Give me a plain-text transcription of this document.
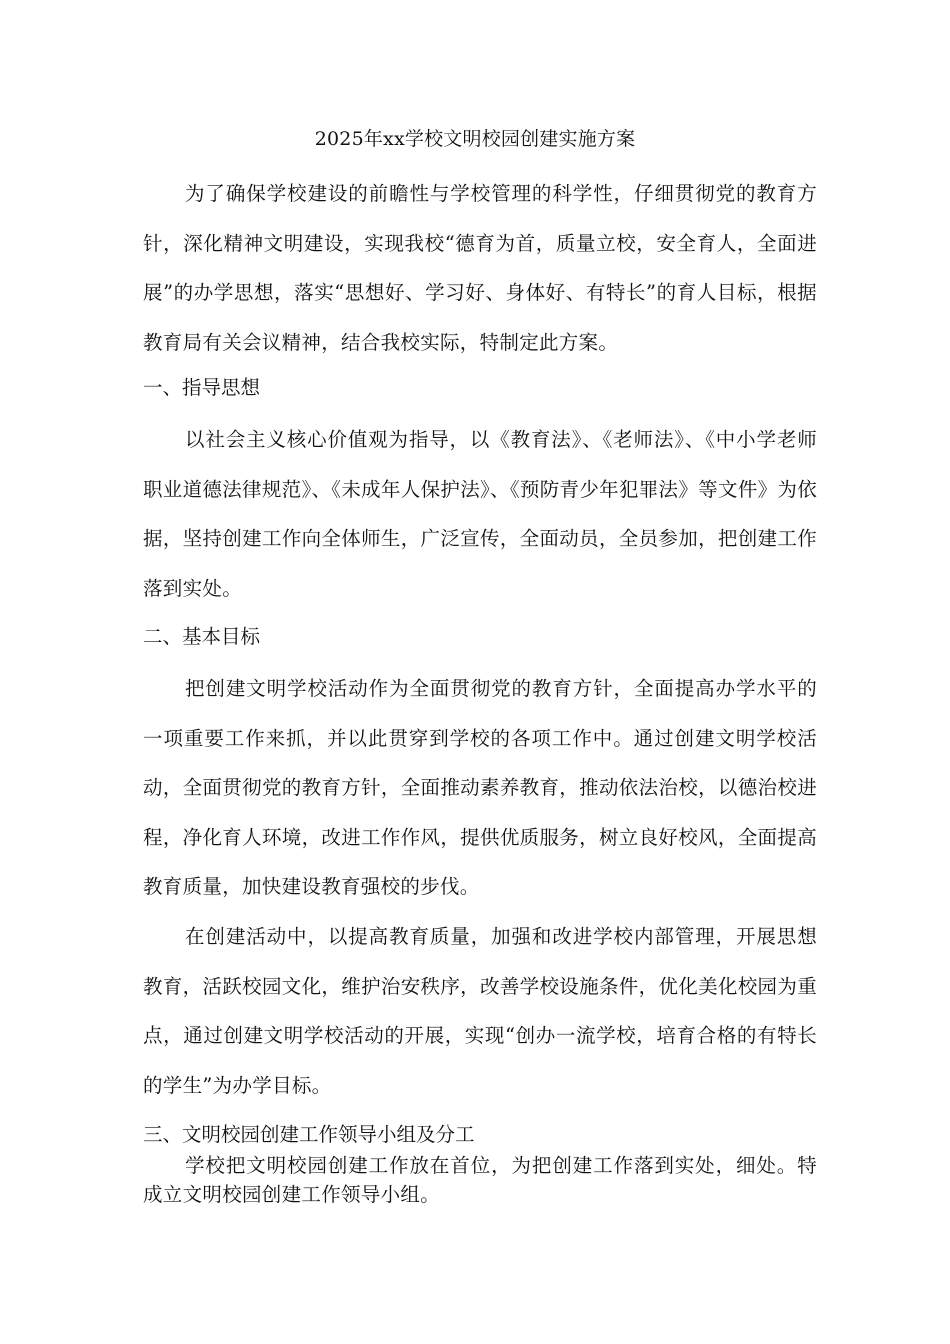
2025年xx学校文明校园创建实施方案

为了确保学校建设的前瞻性与学校管理的科学性，仔细贯彻党的教育方针，深化精神文明建设，实现我校“德育为首，质量立校，安全育人，全面进展”的办学思想，落实“思想好、学习好、身体好、有特长”的育人目标，根据教育局有关会议精神，结合我校实际，特制定此方案。

一、指导思想

以社会主义核心价值观为指导，以《教育法》、《老师法》、《中小学老师职业道德法律规范》、《未成年人保护法》、《预防青少年犯罪法》等文件》为依据，坚持创建工作向全体师生，广泛宣传，全面动员，全员参加，把创建工作落到实处。

二、基本目标

把创建文明学校活动作为全面贯彻党的教育方针，全面提高办学水平的一项重要工作来抓，并以此贯穿到学校的各项工作中。通过创建文明学校活动，全面贯彻党的教育方针，全面推动素养教育，推动依法治校，以德治校进程，净化育人环境，改进工作作风，提供优质服务，树立良好校风，全面提高教育质量，加快建设教育强校的步伐。

在创建活动中，以提高教育质量，加强和改进学校内部管理，开展思想教育，活跃校园文化，维护治安秩序，改善学校设施条件，优化美化校园为重点，通过创建文明学校活动的开展，实现“创办一流学校，培育合格的有特长的学生”为办学目标。

三、文明校园创建工作领导小组及分工

学校把文明校园创建工作放在首位，为把创建工作落到实处，细处。特成立文明校园创建工作领导小组。
